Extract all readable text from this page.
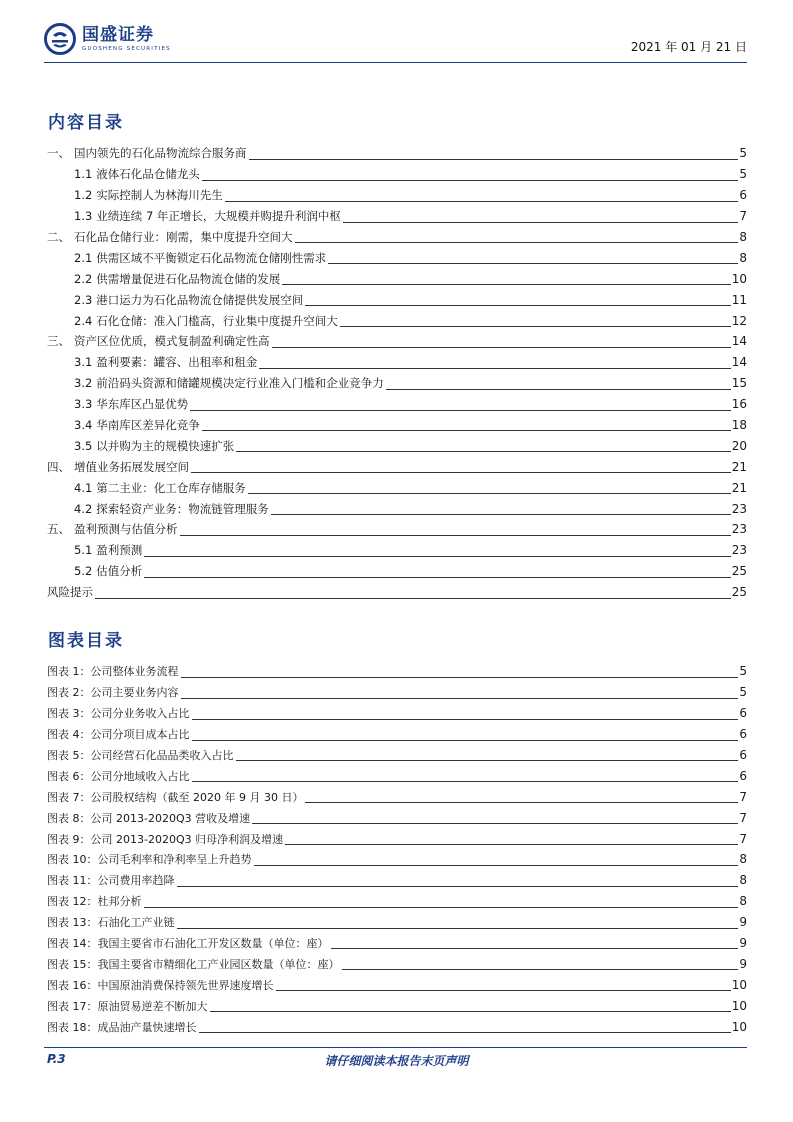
国盛证券
GUOSHENG SECURITIES	2021 年 01 月 21 日
内容目录
一、 国内领先的石化品物流综合服务商	5
1.1 液体石化品仓储龙头	5
1.2 实际控制人为林海川先生	6
1.3 业绩连续 7 年正增长，大规模并购提升利润中枢	7
二、 石化品仓储行业：刚需，集中度提升空间大	8
2.1 供需区域不平衡锁定石化品物流仓储刚性需求	8
2.2 供需增量促进石化品物流仓储的发展	10
2.3 港口运力为石化品物流仓储提供发展空间	11
2.4 石化仓储：准入门槛高，行业集中度提升空间大	12
三、 资产区位优质，模式复制盈利确定性高	14
3.1 盈利要素：罐容、出租率和租金	14
3.2 前沿码头资源和储罐规模决定行业准入门槛和企业竞争力	15
3.3 华东库区凸显优势	16
3.4 华南库区差异化竞争	18
3.5 以并购为主的规模快速扩张	20
四、 增值业务拓展发展空间	21
4.1 第二主业：化工仓库存储服务	21
4.2 探索轻资产业务：物流链管理服务	23
五、 盈利预测与估值分析	23
5.1 盈利预测	23
5.2 估值分析	25
风险提示	25
图表目录
图表 1：公司整体业务流程	5
图表 2：公司主要业务内容	5
图表 3：公司分业务收入占比	6
图表 4：公司分项目成本占比	6
图表 5：公司经营石化品品类收入占比	6
图表 6：公司分地域收入占比	6
图表 7：公司股权结构（截至 2020 年 9 月 30 日）	7
图表 8：公司 2013-2020Q3 营收及增速	7
图表 9：公司 2013-2020Q3 归母净利润及增速	7
图表 10：公司毛利率和净利率呈上升趋势	8
图表 11：公司费用率趋降	8
图表 12：杜邦分析	8
图表 13：石油化工产业链	9
图表 14：我国主要省市石油化工开发区数量（单位：座）	9
图表 15：我国主要省市精细化工产业园区数量（单位：座）	9
图表 16：中国原油消费保持领先世界速度增长	10
图表 17：原油贸易逆差不断加大	10
图表 18：成品油产量快速增长	10
P.3	请仔细阅读本报告末页声明
